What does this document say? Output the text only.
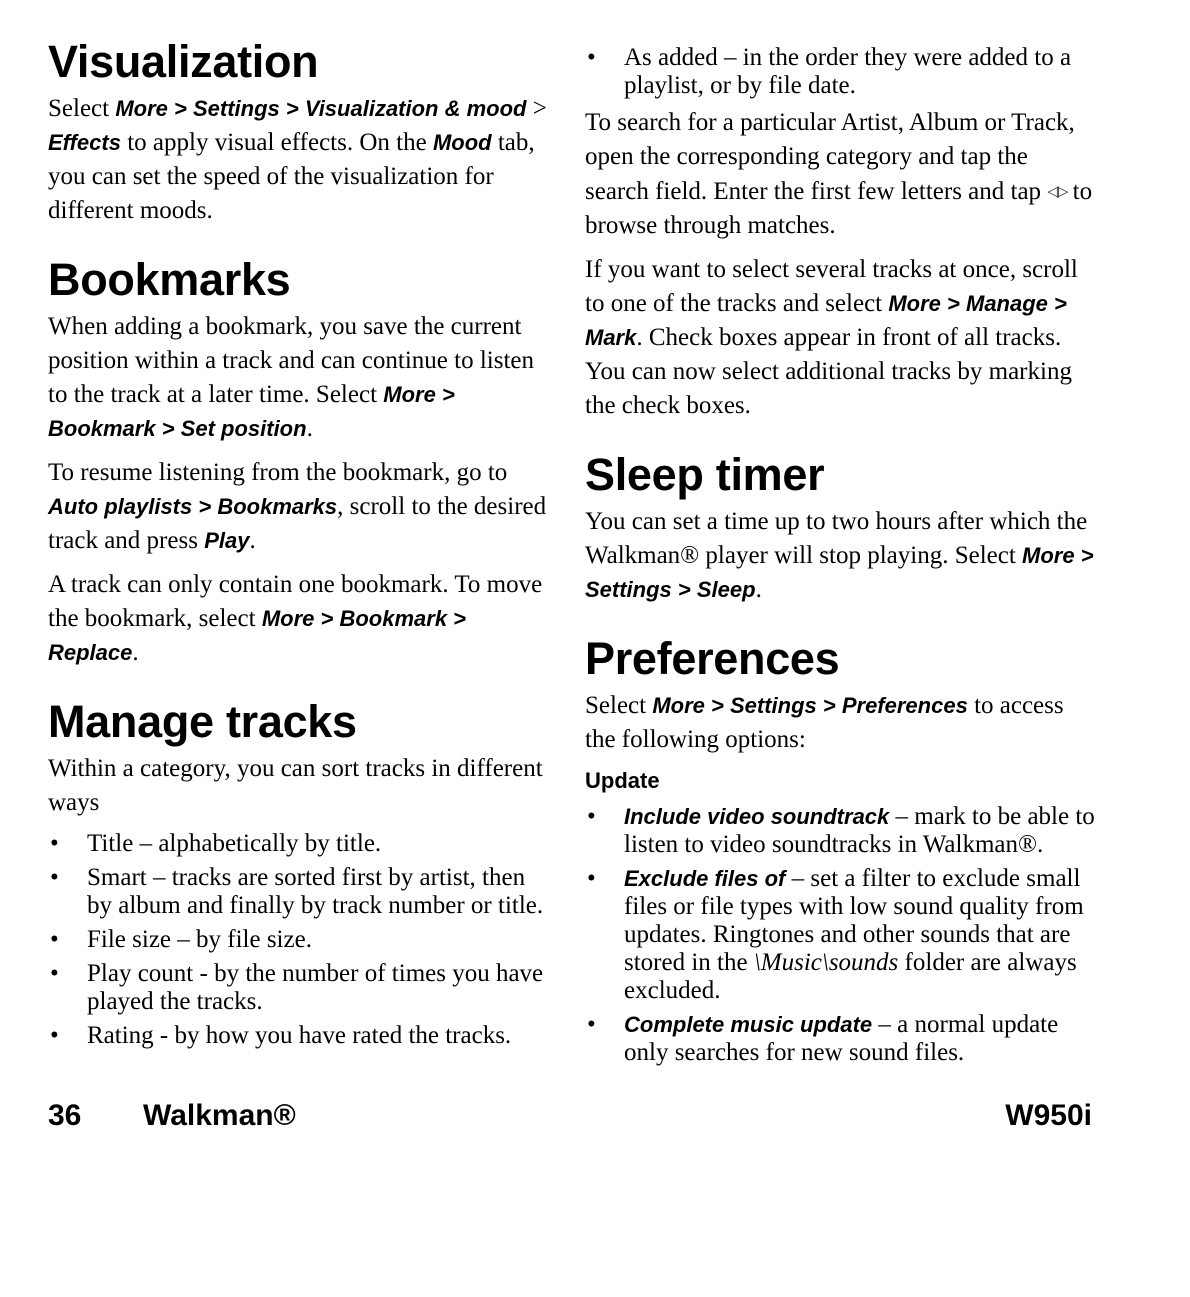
Visualization

Select More > Settings > Visualization & mood > Effects to apply visual effects. On the Mood tab, you can set the speed of the visualization for different moods.

Bookmarks

When adding a bookmark, you save the current position within a track and can continue to listen to the track at a later time. Select More > Bookmark > Set position.

To resume listening from the bookmark, go to Auto playlists > Bookmarks, scroll to the desired track and press Play.

A track can only contain one bookmark. To move the bookmark, select More > Bookmark > Replace.

Manage tracks

Within a category, you can sort tracks in different ways

• Title – alphabetically by title.
• Smart – tracks are sorted first by artist, then by album and finally by track number or title.
• File size – by file size.
• Play count - by the number of times you have played the tracks.
• Rating - by how you have rated the tracks.
• As added – in the order they were added to a playlist, or by file date.

To search for a particular Artist, Album or Track, open the corresponding category and tap the search field. Enter the first few letters and tap ◁▷ to browse through matches.

If you want to select several tracks at once, scroll to one of the tracks and select More > Manage > Mark. Check boxes appear in front of all tracks. You can now select additional tracks by marking the check boxes.

Sleep timer

You can set a time up to two hours after which the Walkman® player will stop playing. Select More > Settings > Sleep.

Preferences

Select More > Settings > Preferences to access the following options:

Update
• Include video soundtrack – mark to be able to listen to video soundtracks in Walkman®.
• Exclude files of – set a filter to exclude small files or file types with low sound quality from updates. Ringtones and other sounds that are stored in the \Music\sounds folder are always excluded.
• Complete music update – a normal update only searches for new sound files.
36 Walkman®	W950i
